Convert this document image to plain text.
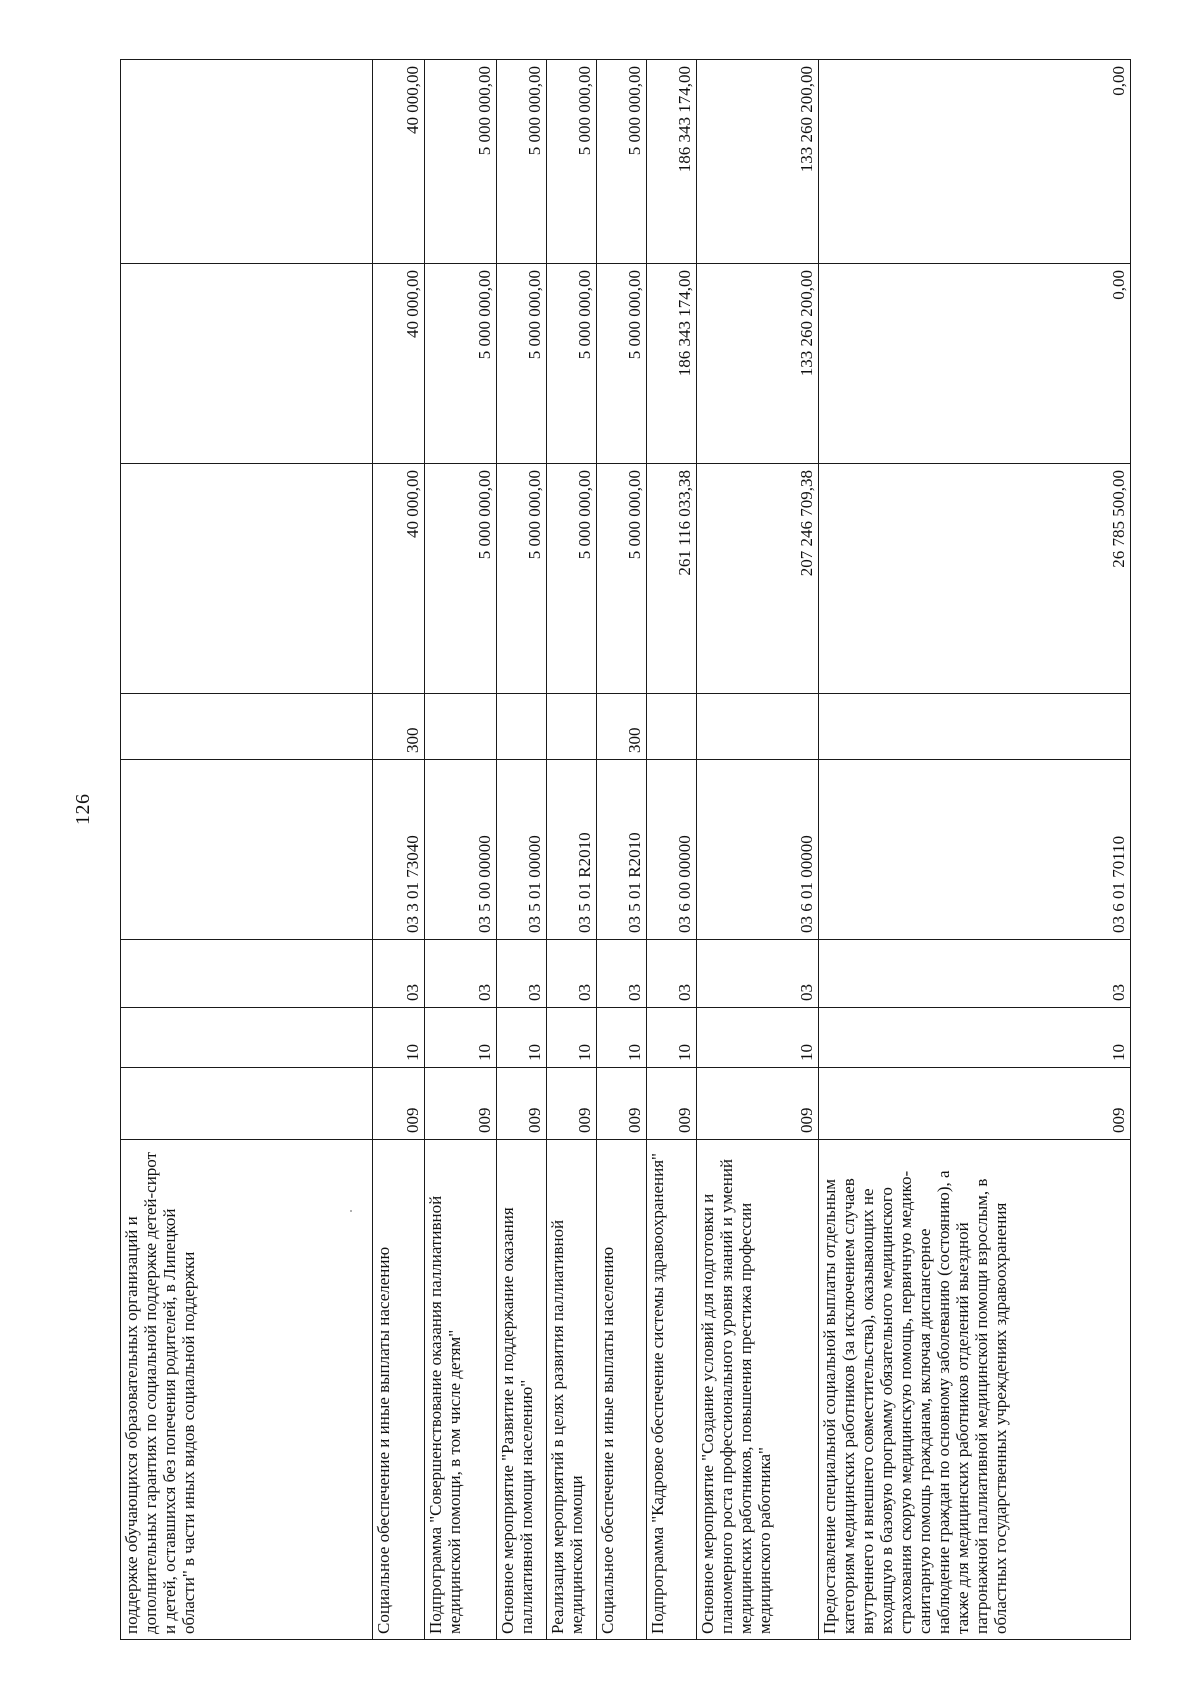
126
поддержке обучающихся образовательных организаций и дополнительных гарантиях по социальной поддержке детей-сирот и детей, оставшихся без попечения родителей, в Липецкой области" в части иных видов социальной поддержки								
Социальное обеспечение и иные выплаты населению	009	10	03	03 3 01 73040	300	40 000,00	40 000,00	40 000,00
Подпрограмма "Совершенствование оказания паллиативной медицинской помощи, в том числе детям"	009	10	03	03 5 00 00000		5 000 000,00	5 000 000,00	5 000 000,00
Основное мероприятие "Развитие и поддержание оказания паллиативной помощи населению"	009	10	03	03 5 01 00000		5 000 000,00	5 000 000,00	5 000 000,00
Реализация мероприятий в целях развития паллиативной медицинской помощи	009	10	03	03 5 01 R2010		5 000 000,00	5 000 000,00	5 000 000,00
Социальное обеспечение и иные выплаты населению	009	10	03	03 5 01 R2010	300	5 000 000,00	5 000 000,00	5 000 000,00
Подпрограмма "Кадровое обеспечение системы здравоохранения"	009	10	03	03 6 00 00000		261 116 033,38	186 343 174,00	186 343 174,00
Основное мероприятие "Создание условий для подготовки и планомерного роста профессионального уровня знаний и умений медицинских работников, повышения престижа профессии медицинского работника"	009	10	03	03 6 01 00000		207 246 709,38	133 260 200,00	133 260 200,00
Предоставление специальной социальной выплаты отдельным категориям медицинских работников (за исключением случаев внутреннего и внешнего совместительства), оказывающих не входящую в базовую программу обязательного медицинского страхования скорую медицинскую помощь, первичную медико-санитарную помощь гражданам, включая диспансерное наблюдение граждан по основному заболеванию (состоянию), а также для медицинских работников отделений выездной патронажной паллиативной медицинской помощи взрослым, в областных государственных учреждениях здравоохранения	009	10	03	03 6 01 70110		26 785 500,00	0,00	0,00
